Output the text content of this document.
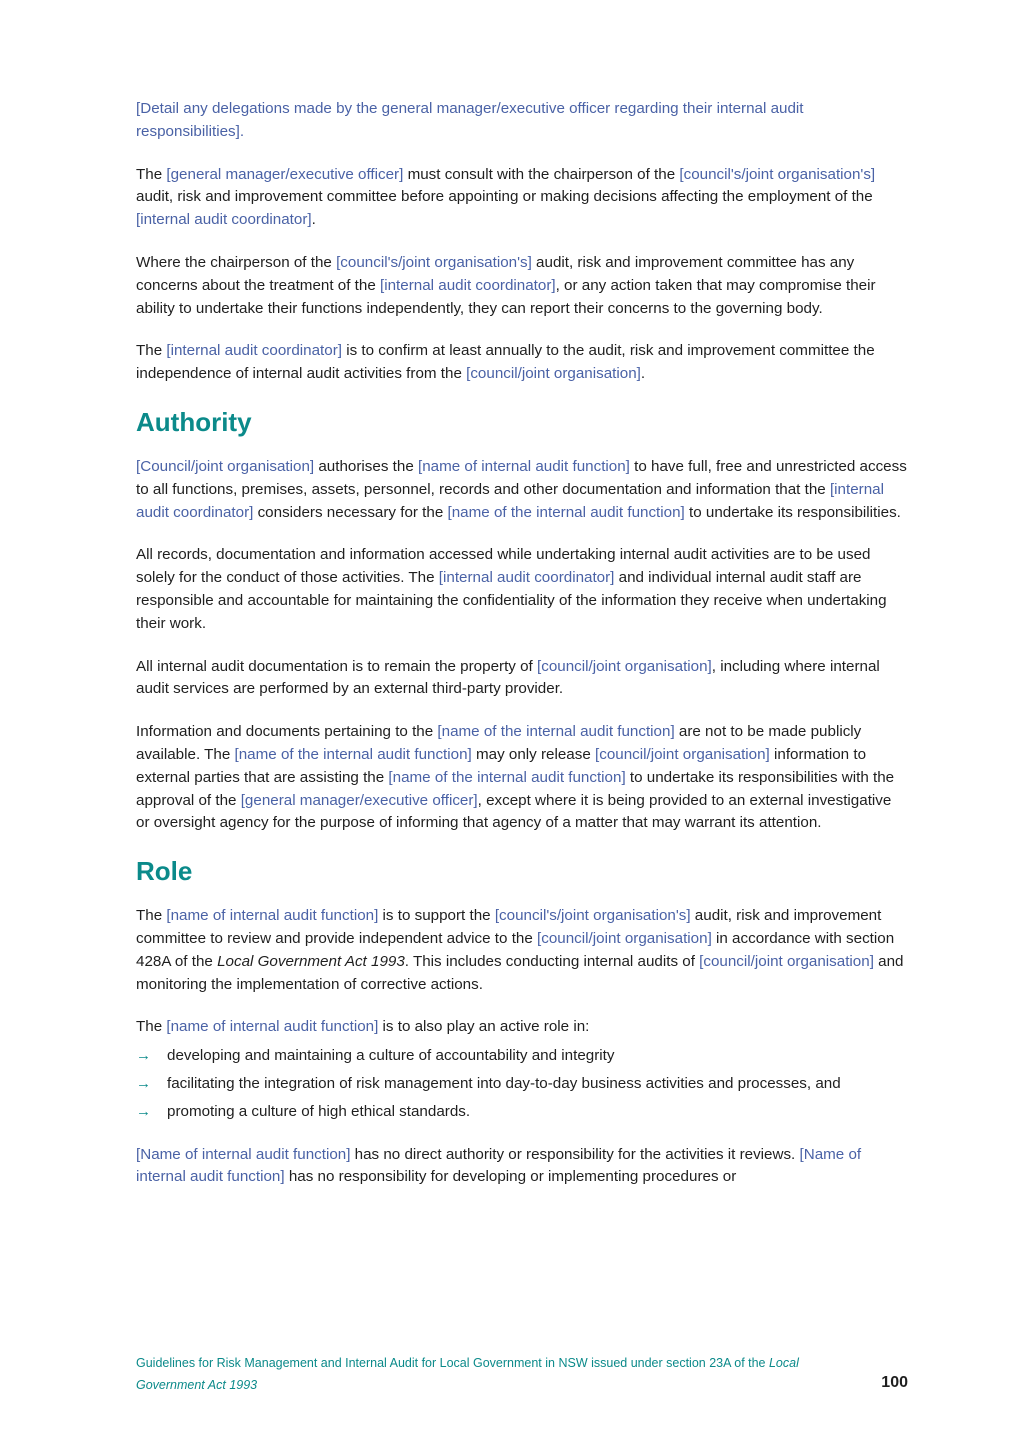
[Detail any delegations made by the general manager/executive officer regarding their internal audit responsibilities].

The [general manager/executive officer] must consult with the chairperson of the [council's/joint organisation's] audit, risk and improvement committee before appointing or making decisions affecting the employment of the [internal audit coordinator].

Where the chairperson of the [council's/joint organisation's] audit, risk and improvement committee has any concerns about the treatment of the [internal audit coordinator], or any action taken that may compromise their ability to undertake their functions independently, they can report their concerns to the governing body.

The [internal audit coordinator] is to confirm at least annually to the audit, risk and improvement committee the independence of internal audit activities from the [council/joint organisation].

Authority

[Council/joint organisation] authorises the [name of internal audit function] to have full, free and unrestricted access to all functions, premises, assets, personnel, records and other documentation and information that the [internal audit coordinator] considers necessary for the [name of the internal audit function] to undertake its responsibilities.

All records, documentation and information accessed while undertaking internal audit activities are to be used solely for the conduct of those activities. The [internal audit coordinator] and individual internal audit staff are responsible and accountable for maintaining the confidentiality of the information they receive when undertaking their work.

All internal audit documentation is to remain the property of [council/joint organisation], including where internal audit services are performed by an external third-party provider.

Information and documents pertaining to the [name of the internal audit function] are not to be made publicly available. The [name of the internal audit function] may only release [council/joint organisation] information to external parties that are assisting the [name of the internal audit function] to undertake its responsibilities with the approval of the [general manager/executive officer], except where it is being provided to an external investigative or oversight agency for the purpose of informing that agency of a matter that may warrant its attention.

Role

The [name of internal audit function] is to support the [council's/joint organisation's] audit, risk and improvement committee to review and provide independent advice to the [council/joint organisation] in accordance with section 428A of the Local Government Act 1993. This includes conducting internal audits of [council/joint organisation] and monitoring the implementation of corrective actions.

The [name of internal audit function] is to also play an active role in:

→ developing and maintaining a culture of accountability and integrity
→ facilitating the integration of risk management into day-to-day business activities and processes, and
→ promoting a culture of high ethical standards.

[Name of internal audit function] has no direct authority or responsibility for the activities it reviews. [Name of internal audit function] has no responsibility for developing or implementing procedures or

Guidelines for Risk Management and Internal Audit for Local Government in NSW issued under section 23A of the Local Government Act 1993	100
